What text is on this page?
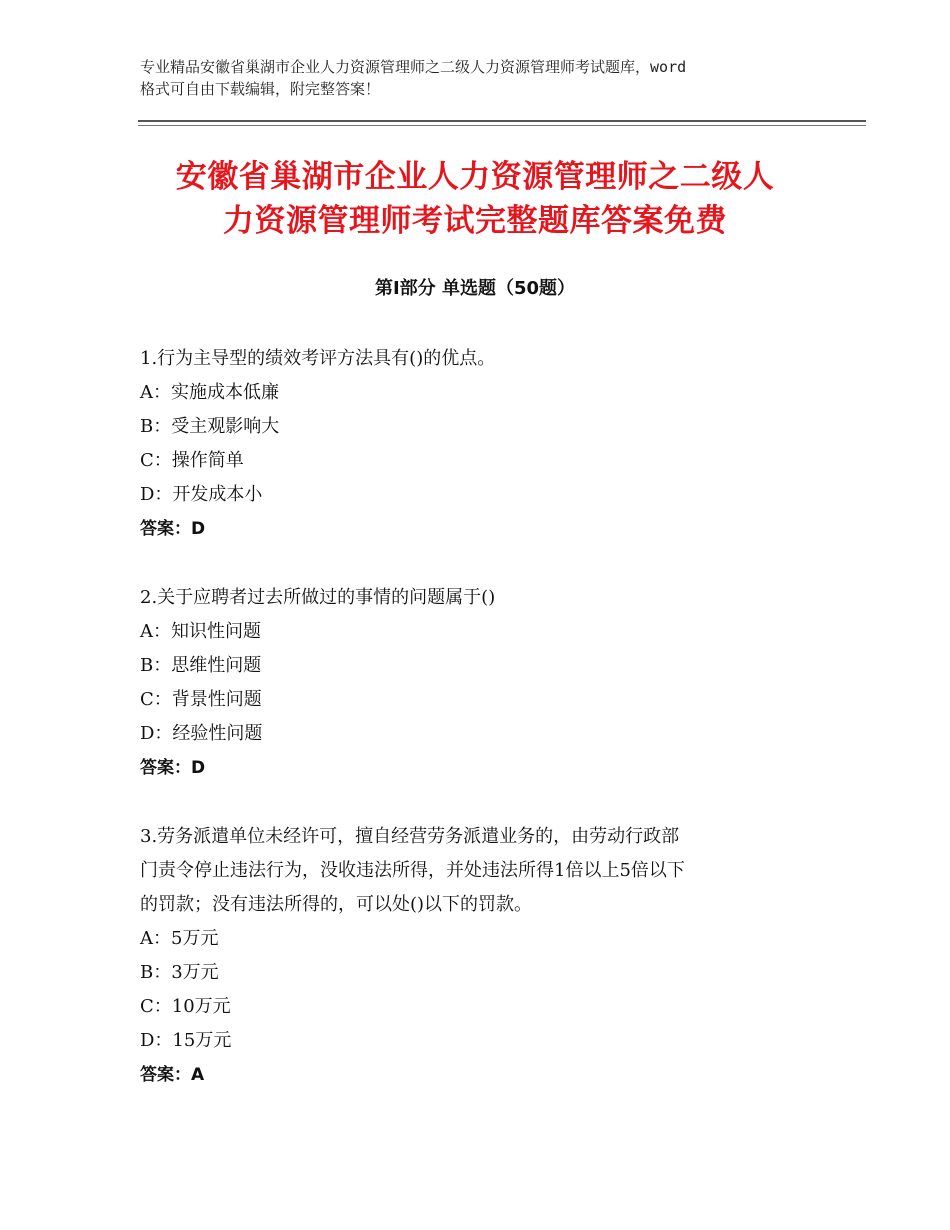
专业精品安徽省巢湖市企业人力资源管理师之二级人力资源管理师考试题库，word
格式可自由下载编辑，附完整答案！
安徽省巢湖市企业人力资源管理师之二级人
力资源管理师考试完整题库答案免费
第Ⅰ部分 单选题（50题）
1.行为主导型的绩效考评方法具有()的优点。
A：实施成本低廉
B：受主观影响大
C：操作简单
D：开发成本小
答案：D
2.关于应聘者过去所做过的事情的问题属于()
A：知识性问题
B：思维性问题
C：背景性问题
D：经验性问题
答案：D
3.劳务派遣单位未经许可，擅自经营劳务派遣业务的，由劳动行政部
门责令停止违法行为，没收违法所得，并处违法所得1倍以上5倍以下
的罚款；没有违法所得的，可以处()以下的罚款。
A：5万元
B：3万元
C：10万元
D：15万元
答案：A
